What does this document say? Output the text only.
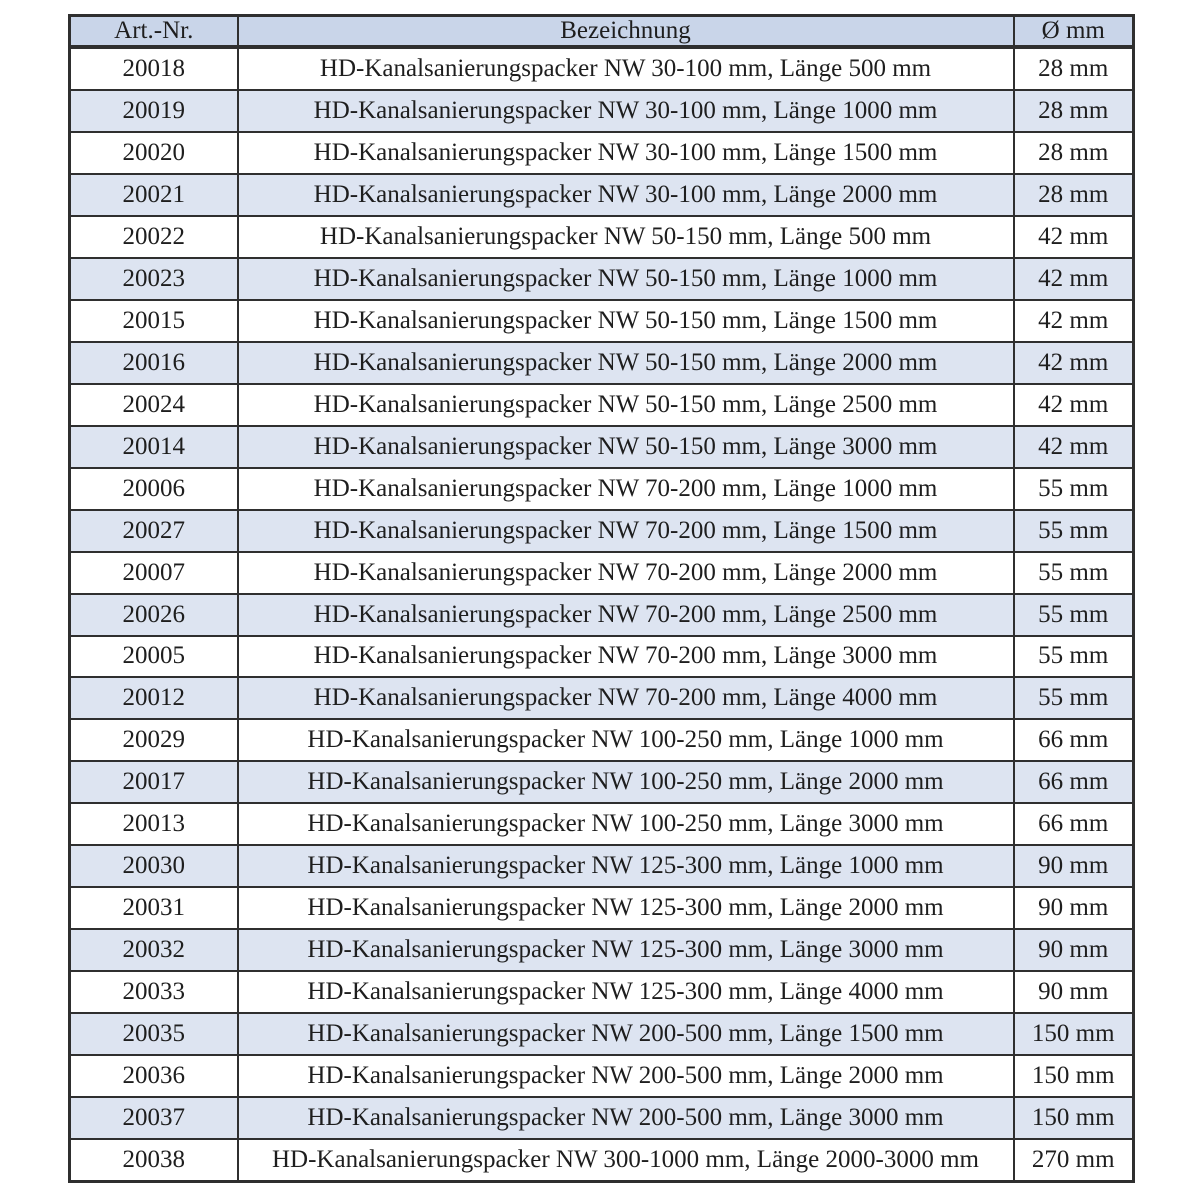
Art.-Nr.	Bezeichnung	Ø mm
20018	HD-Kanalsanierungspacker NW 30-100 mm, Länge 500 mm	28 mm
20019	HD-Kanalsanierungspacker NW 30-100 mm, Länge 1000 mm	28 mm
20020	HD-Kanalsanierungspacker NW 30-100 mm, Länge 1500 mm	28 mm
20021	HD-Kanalsanierungspacker NW 30-100 mm, Länge 2000 mm	28 mm
20022	HD-Kanalsanierungspacker NW 50-150 mm, Länge 500 mm	42 mm
20023	HD-Kanalsanierungspacker NW 50-150 mm, Länge 1000 mm	42 mm
20015	HD-Kanalsanierungspacker NW 50-150 mm, Länge 1500 mm	42 mm
20016	HD-Kanalsanierungspacker NW 50-150 mm, Länge 2000 mm	42 mm
20024	HD-Kanalsanierungspacker NW 50-150 mm, Länge 2500 mm	42 mm
20014	HD-Kanalsanierungspacker NW 50-150 mm, Länge 3000 mm	42 mm
20006	HD-Kanalsanierungspacker NW 70-200 mm, Länge 1000 mm	55 mm
20027	HD-Kanalsanierungspacker NW 70-200 mm, Länge 1500 mm	55 mm
20007	HD-Kanalsanierungspacker NW 70-200 mm, Länge 2000 mm	55 mm
20026	HD-Kanalsanierungspacker NW 70-200 mm, Länge 2500 mm	55 mm
20005	HD-Kanalsanierungspacker NW 70-200 mm, Länge 3000 mm	55 mm
20012	HD-Kanalsanierungspacker NW 70-200 mm, Länge 4000 mm	55 mm
20029	HD-Kanalsanierungspacker NW 100-250 mm, Länge 1000 mm	66 mm
20017	HD-Kanalsanierungspacker NW 100-250 mm, Länge 2000 mm	66 mm
20013	HD-Kanalsanierungspacker NW 100-250 mm, Länge 3000 mm	66 mm
20030	HD-Kanalsanierungspacker NW 125-300 mm, Länge 1000 mm	90 mm
20031	HD-Kanalsanierungspacker NW 125-300 mm, Länge 2000 mm	90 mm
20032	HD-Kanalsanierungspacker NW 125-300 mm, Länge 3000 mm	90 mm
20033	HD-Kanalsanierungspacker NW 125-300 mm, Länge 4000 mm	90 mm
20035	HD-Kanalsanierungspacker NW 200-500 mm, Länge 1500 mm	150 mm
20036	HD-Kanalsanierungspacker NW 200-500 mm, Länge 2000 mm	150 mm
20037	HD-Kanalsanierungspacker NW 200-500 mm, Länge 3000 mm	150 mm
20038	HD-Kanalsanierungspacker NW 300-1000 mm, Länge 2000-3000 mm	270 mm
